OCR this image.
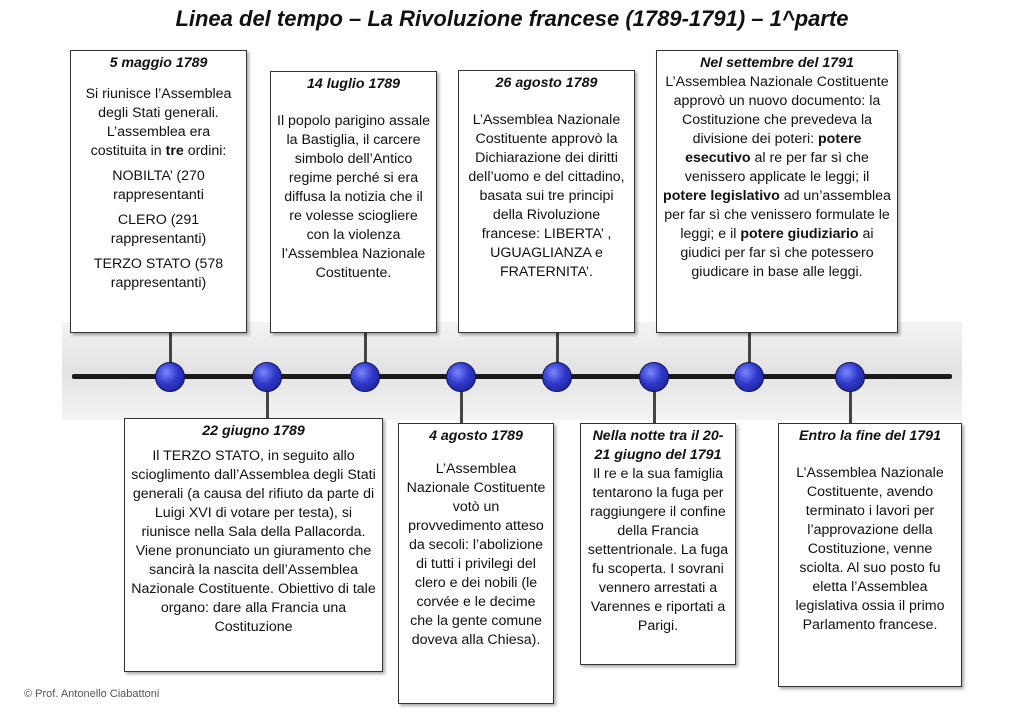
Linea del tempo – La Rivoluzione francese (1789-1791) – 1^parte
5 maggio 1789

Si riunisce l’Assemblea degli Stati generali. L’assemblea era costituita in tre ordini:

NOBILTA’ (270 rappresentanti

CLERO (291 rappresentanti)

TERZO STATO (578 rappresentanti)

14 luglio 1789

Il popolo parigino assale la Bastiglia, il carcere simbolo dell’Antico regime perché si era diffusa la notizia che il re volesse sciogliere con la violenza l’Assemblea Nazionale Costituente.

26 agosto 1789

L’Assemblea Nazionale Costituente approvò la Dichiarazione dei diritti dell’uomo e del cittadino, basata sui tre principi della Rivoluzione francese: LIBERTA’ , UGUAGLIANZA e FRATERNITA’.

Nel settembre del 1791

L’Assemblea Nazionale Costituente approvò un nuovo documento: la Costituzione che prevedeva la divisione dei poteri: potere esecutivo al re per far sì che venissero applicate le leggi; il potere legislativo ad un’assemblea per far sì che venissero formulate le leggi; e il potere giudiziario ai giudici per far sì che potessero giudicare in base alle leggi.

22 giugno 1789

Il TERZO STATO, in seguito allo scioglimento dall’Assemblea degli Stati generali (a causa del rifiuto da parte di Luigi XVI di votare per testa), si riunisce nella Sala della Pallacorda. Viene pronunciato un giuramento che sancirà la nascita dell’Assemblea Nazionale Costituente. Obiettivo di tale organo: dare alla Francia una Costituzione

4 agosto 1789

L’Assemblea Nazionale Costituente votò un provvedimento atteso da secoli: l’abolizione di tutti i privilegi del clero e dei nobili (le corvée e le decime che la gente comune doveva alla Chiesa).

Nella notte tra il 20-21 giugno del 1791

Il re e la sua famiglia tentarono la fuga per raggiungere il confine della Francia settentrionale. La fuga fu scoperta. I sovrani vennero arrestati a Varennes e riportati a Parigi.

Entro la fine del 1791

L’Assemblea Nazionale Costituente, avendo terminato i lavori per l’approvazione della Costituzione, venne sciolta. Al suo posto fu eletta l’Assemblea legislativa ossia il primo Parlamento francese.

© Prof. Antonello Ciabattoni
